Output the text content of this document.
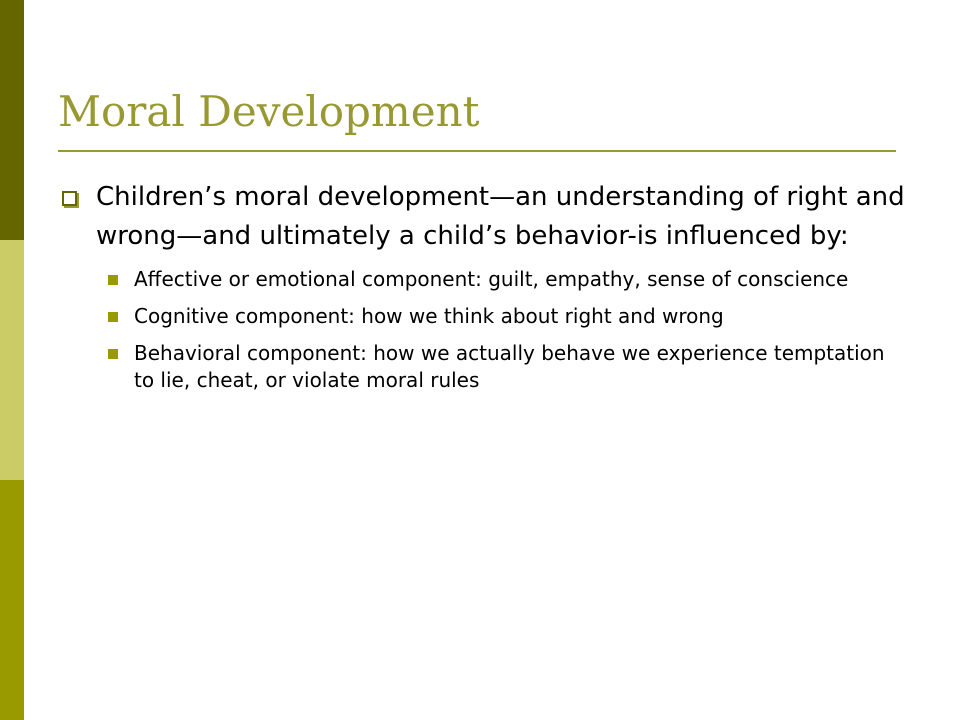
Moral Development
Children’s moral development—an understanding of right and wrong—and ultimately a child’s behavior-is influenced by:
Affective or emotional component: guilt, empathy, sense of conscience
Cognitive component: how we think about right and wrong
Behavioral component: how we actually behave we experience temptation to lie, cheat, or violate moral rules
